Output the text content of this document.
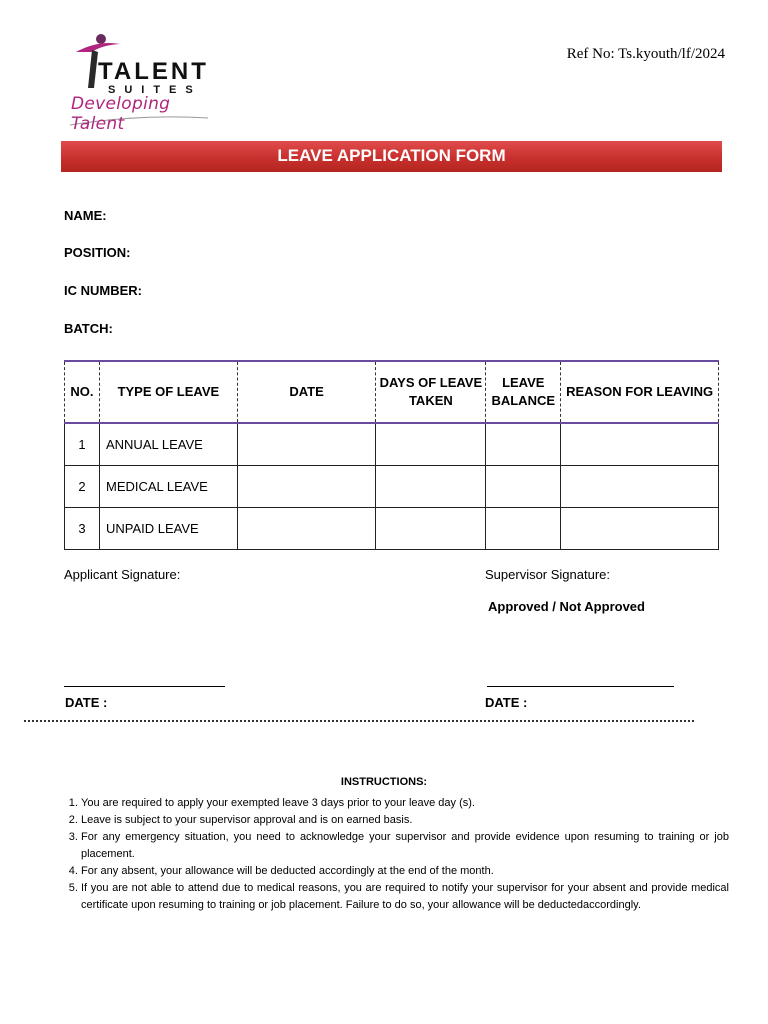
TALENT
SUITES
Developing Talent
Ref No: Ts.kyouth/lf/2024
LEAVE APPLICATION FORM
NAME:
POSITION:
IC NUMBER:
BATCH:
NO.	TYPE OF LEAVE	DATE	DAYS OF LEAVE TAKEN	LEAVE BALANCE	REASON FOR LEAVING
1	ANNUAL LEAVE				
2	MEDICAL LEAVE				
3	UNPAID LEAVE				
Applicant Signature:	Supervisor Signature:
Approved / Not Approved
DATE :	DATE :
INSTRUCTIONS:
1. You are required to apply your exempted leave 3 days prior to your leave day (s).
2. Leave is subject to your supervisor approval and is on earned basis.
3. For any emergency situation, you need to acknowledge your supervisor and provide evidence upon resuming to training or job placement.
4. For any absent, your allowance will be deducted accordingly at the end of the month.
5. If you are not able to attend due to medical reasons, you are required to notify your supervisor for your absent and provide medical certificate upon resuming to training or job placement. Failure to do so, your allowance will be deductedaccordingly.
